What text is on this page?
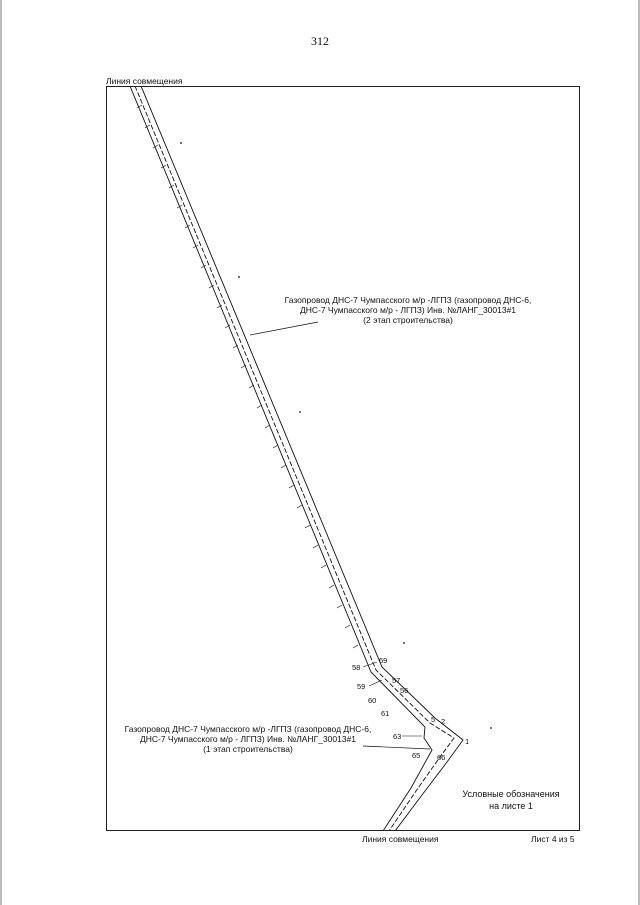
312
Линия совмещения
Линия совмещения	Лист 4 из 5
Газопровод ДНС-7 Чумпасского м/р -ЛГПЗ (газопровод ДНС-6,
ДНС-7 Чумпасского м/р - ЛГПЗ) Инв. №ЛАНГ_30013#1
(2 этап строительства)
Газопровод ДНС-7 Чумпасского м/р -ЛГПЗ (газопровод ДНС-6,
ДНС-7 Чумпасского м/р - ЛГПЗ) Инв. №ЛАНГ_30013#1
(1 этап строительства)
Условные обозначения
на листе 1
69
58
57
59	56
60
61
5 2
63
1
65 66
